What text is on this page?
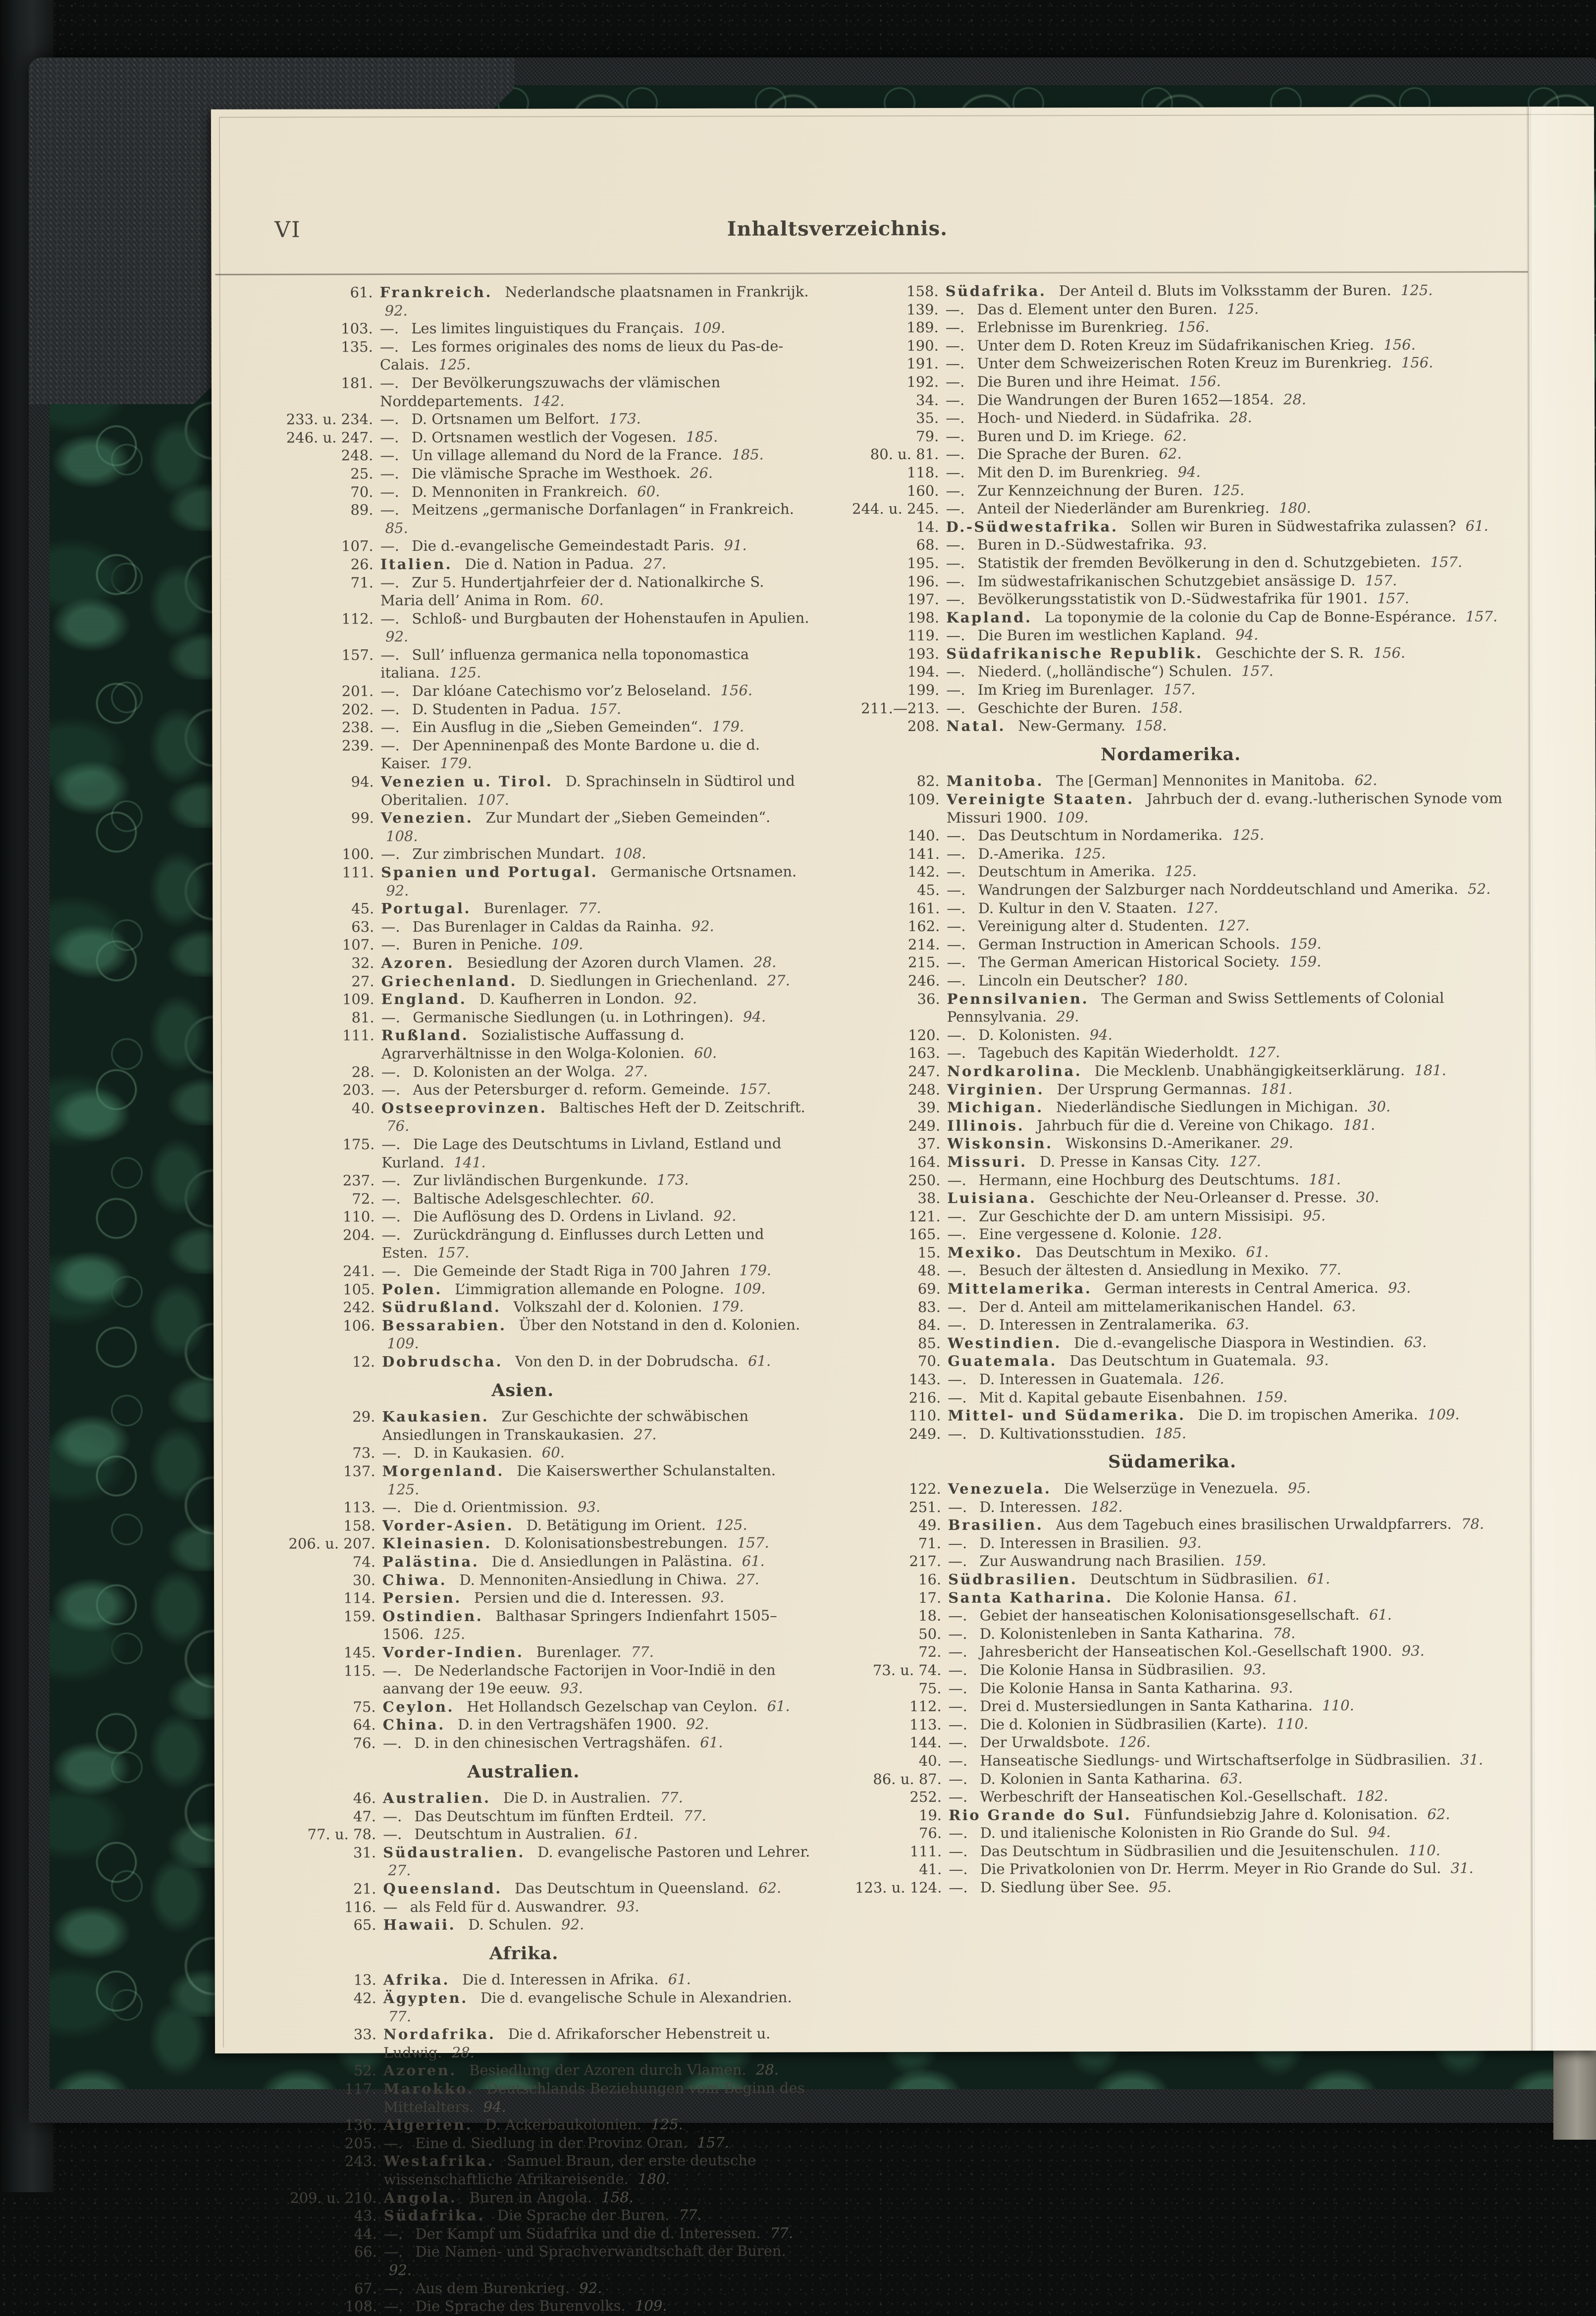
VI	Inhaltsverzeichnis.
61. Frankreich. Nederlandsche plaatsnamen in Frankrijk. 92.
103. —. Les limites linguistiques du Français. 109.
135. —. Les formes originales des noms de lieux du Pas-de-Calais. 125.
181. —. Der Bevölkerungszuwachs der vlämischen Norddepartements. 142.
233. u. 234. —. D. Ortsnamen um Belfort. 173.
246. u. 247. —. D. Ortsnamen westlich der Vogesen. 185.
248. —. Un village allemand du Nord de la France. 185.
25. —. Die vlämische Sprache im Westhoek. 26.
70. —. D. Mennoniten in Frankreich. 60.
89. —. Meitzens „germanische Dorfanlagen“ in Frankreich. 85.
107. —. Die d.-evangelische Gemeindestadt Paris. 91.
26. Italien. Die d. Nation in Padua. 27.
71. —. Zur 5. Hundertjahrfeier der d. Nationalkirche S. Maria dell’ Anima in Rom. 60.
112. —. Schloß- und Burgbauten der Hohenstaufen in Apulien. 92.
157. —. Sull’ influenza germanica nella toponomastica italiana. 125.
201. —. Dar klóane Catechismo vor’z Beloseland. 156.
202. —. D. Studenten in Padua. 157.
238. —. Ein Ausflug in die „Sieben Gemeinden“. 179.
239. —. Der Apenninenpaß des Monte Bardone u. die d. Kaiser. 179.
94. Venezien u. Tirol. D. Sprachinseln in Südtirol und Oberitalien. 107.
99. Venezien. Zur Mundart der „Sieben Gemeinden“. 108.
100. —. Zur zimbrischen Mundart. 108.
111. Spanien und Portugal. Germanische Ortsnamen. 92.
45. Portugal. Burenlager. 77.
63. —. Das Burenlager in Caldas da Rainha. 92.
107. —. Buren in Peniche. 109.
32. Azoren. Besiedlung der Azoren durch Vlamen. 28.
27. Griechenland. D. Siedlungen in Griechenland. 27.
109. England. D. Kaufherren in London. 92.
81. —. Germanische Siedlungen (u. in Lothringen). 94.
111. Rußland. Sozialistische Auffassung d. Agrarverhältnisse in den Wolga-Kolonien. 60.
28. —. D. Kolonisten an der Wolga. 27.
203. —. Aus der Petersburger d. reform. Gemeinde. 157.
40. Ostseeprovinzen. Baltisches Heft der D. Zeitschrift. 76.
175. —. Die Lage des Deutschtums in Livland, Estland und Kurland. 141.
237. —. Zur livländischen Burgenkunde. 173.
72. —. Baltische Adelsgeschlechter. 60.
110. —. Die Auflösung des D. Ordens in Livland. 92.
204. —. Zurückdrängung d. Einflusses durch Letten und Esten. 157.
241. —. Die Gemeinde der Stadt Riga in 700 Jahren 179.
105. Polen. L’immigration allemande en Pologne. 109.
242. Südrußland. Volkszahl der d. Kolonien. 179.
106. Bessarabien. Über den Notstand in den d. Kolonien. 109.
12. Dobrudscha. Von den D. in der Dobrudscha. 61.
Asien.
29. Kaukasien. Zur Geschichte der schwäbischen Ansiedlungen in Transkaukasien. 27.
73. —. D. in Kaukasien. 60.
137. Morgenland. Die Kaiserswerther Schulanstalten. 125.
113. —. Die d. Orientmission. 93.
158. Vorder-Asien. D. Betätigung im Orient. 125.
206. u. 207. Kleinasien. D. Kolonisationsbestrebungen. 157.
74. Palästina. Die d. Ansiedlungen in Palästina. 61.
30. Chiwa. D. Mennoniten-Ansiedlung in Chiwa. 27.
114. Persien. Persien und die d. Interessen. 93.
159. Ostindien. Balthasar Springers Indienfahrt 1505–1506. 125.
145. Vorder-Indien. Burenlager. 77.
115. —. De Nederlandsche Factorijen in Voor-Indië in den aanvang der 19e eeuw. 93.
75. Ceylon. Het Hollandsch Gezelschap van Ceylon. 61.
64. China. D. in den Vertragshäfen 1900. 92.
76. —. D. in den chinesischen Vertragshäfen. 61.
Australien.
46. Australien. Die D. in Australien. 77.
47. —. Das Deutschtum im fünften Erdteil. 77.
77. u. 78. —. Deutschtum in Australien. 61.
31. Südaustralien. D. evangelische Pastoren und Lehrer. 27.
21. Queensland. Das Deutschtum in Queensland. 62.
116. — als Feld für d. Auswandrer. 93.
65. Hawaii. D. Schulen. 92.
Afrika.
13. Afrika. Die d. Interessen in Afrika. 61.
42. Ägypten. Die d. evangelische Schule in Alexandrien. 77.
33. Nordafrika. Die d. Afrikaforscher Hebenstreit u. Ludwig. 28.
52. Azoren. Besiedlung der Azoren durch Vlamen. 28.
117. Marokko. Deutschlands Beziehungen vom Beginn des Mittelalters. 94.
136. Algerien. D. Ackerbaukolonien. 125.
205. —. Eine d. Siedlung in der Provinz Oran. 157.
243. Westafrika. Samuel Braun, der erste deutsche wissenschaftliche Afrikareisende. 180.
209. u. 210. Angola. Buren in Angola. 158.
43. Südafrika. Die Sprache der Buren. 77.
44. —. Der Kampf um Südafrika und die d. Interessen. 77.
66. —. Die Namen- und Sprachverwandtschaft der Buren. 92.
67. —. Aus dem Burenkrieg. 92.
108. —. Die Sprache des Burenvolks. 109.
158. Südafrika. Der Anteil d. Bluts im Volksstamm der Buren. 125.
139. —. Das d. Element unter den Buren. 125.
189. —. Erlebnisse im Burenkrieg. 156.
190. —. Unter dem D. Roten Kreuz im Südafrikanischen Krieg. 156.
191. —. Unter dem Schweizerischen Roten Kreuz im Burenkrieg. 156.
192. —. Die Buren und ihre Heimat. 156.
34. —. Die Wandrungen der Buren 1652—1854. 28.
35. —. Hoch- und Niederd. in Südafrika. 28.
79. —. Buren und D. im Kriege. 62.
80. u. 81. —. Die Sprache der Buren. 62.
118. —. Mit den D. im Burenkrieg. 94.
160. —. Zur Kennzeichnung der Buren. 125.
244. u. 245. —. Anteil der Niederländer am Burenkrieg. 180.
14. D.-Südwestafrika. Sollen wir Buren in Südwestafrika zulassen? 61.
68. —. Buren in D.-Südwestafrika. 93.
195. —. Statistik der fremden Bevölkerung in den d. Schutzgebieten. 157.
196. —. Im südwestafrikanischen Schutzgebiet ansässige D. 157.
197. —. Bevölkerungsstatistik von D.-Südwestafrika für 1901. 157.
198. Kapland. La toponymie de la colonie du Cap de Bonne-Espérance. 157.
119. —. Die Buren im westlichen Kapland. 94.
193. Südafrikanische Republik. Geschichte der S. R. 156.
194. —. Niederd. („holländische“) Schulen. 157.
199. —. Im Krieg im Burenlager. 157.
211.—213. —. Geschichte der Buren. 158.
208. Natal. New-Germany. 158.
Nordamerika.
82. Manitoba. The [German] Mennonites in Manitoba. 62.
109. Vereinigte Staaten. Jahrbuch der d. evang.-lutherischen Synode vom Missuri 1900. 109.
140. —. Das Deutschtum in Nordamerika. 125.
141. —. D.-Amerika. 125.
142. —. Deutschtum in Amerika. 125.
45. —. Wandrungen der Salzburger nach Norddeutschland und Amerika. 52.
161. —. D. Kultur in den V. Staaten. 127.
162. —. Vereinigung alter d. Studenten. 127.
214. —. German Instruction in American Schools. 159.
215. —. The German American Historical Society. 159.
246. —. Lincoln ein Deutscher? 180.
36. Pennsilvanien. The German and Swiss Settlements of Colonial Pennsylvania. 29.
120. —. D. Kolonisten. 94.
163. —. Tagebuch des Kapitän Wiederholdt. 127.
247. Nordkarolina. Die Mecklenb. Unabhängigkeitserklärung. 181.
248. Virginien. Der Ursprung Germannas. 181.
39. Michigan. Niederländische Siedlungen in Michigan. 30.
249. Illinois. Jahrbuch für die d. Vereine von Chikago. 181.
37. Wiskonsin. Wiskonsins D.-Amerikaner. 29.
164. Missuri. D. Presse in Kansas City. 127.
250. —. Hermann, eine Hochburg des Deutschtums. 181.
38. Luisiana. Geschichte der Neu-Orleanser d. Presse. 30.
121. —. Zur Geschichte der D. am untern Missisipi. 95.
165. —. Eine vergessene d. Kolonie. 128.
15. Mexiko. Das Deutschtum in Mexiko. 61.
48. —. Besuch der ältesten d. Ansiedlung in Mexiko. 77.
69. Mittelamerika. German interests in Central America. 93.
83. —. Der d. Anteil am mittelamerikanischen Handel. 63.
84. —. D. Interessen in Zentralamerika. 63.
85. Westindien. Die d.-evangelische Diaspora in Westindien. 63.
70. Guatemala. Das Deutschtum in Guatemala. 93.
143. —. D. Interessen in Guatemala. 126.
216. —. Mit d. Kapital gebaute Eisenbahnen. 159.
110. Mittel- und Südamerika. Die D. im tropischen Amerika. 109.
249. —. D. Kultivationsstudien. 185.
Südamerika.
122. Venezuela. Die Welserzüge in Venezuela. 95.
251. —. D. Interessen. 182.
49. Brasilien. Aus dem Tagebuch eines brasilischen Urwaldpfarrers. 78.
71. —. D. Interessen in Brasilien. 93.
217. —. Zur Auswandrung nach Brasilien. 159.
16. Südbrasilien. Deutschtum in Südbrasilien. 61.
17. Santa Katharina. Die Kolonie Hansa. 61.
18. —. Gebiet der hanseatischen Kolonisationsgesellschaft. 61.
50. —. D. Kolonistenleben in Santa Katharina. 78.
72. —. Jahresbericht der Hanseatischen Kol.-Gesellschaft 1900. 93.
73. u. 74. —. Die Kolonie Hansa in Südbrasilien. 93.
75. —. Die Kolonie Hansa in Santa Katharina. 93.
112. —. Drei d. Mustersiedlungen in Santa Katharina. 110.
113. —. Die d. Kolonien in Südbrasilien (Karte). 110.
144. —. Der Urwaldsbote. 126.
40. —. Hanseatische Siedlungs- und Wirtschaftserfolge in Südbrasilien. 31.
86. u. 87. —. D. Kolonien in Santa Katharina. 63.
252. —. Werbeschrift der Hanseatischen Kol.-Gesellschaft. 182.
19. Rio Grande do Sul. Fünfundsiebzig Jahre d. Kolonisation. 62.
76. —. D. und italienische Kolonisten in Rio Grande do Sul. 94.
111. —. Das Deutschtum in Südbrasilien und die Jesuitenschulen. 110.
41. —. Die Privatkolonien von Dr. Herrm. Meyer in Rio Grande do Sul. 31.
123. u. 124. —. D. Siedlung über See. 95.
